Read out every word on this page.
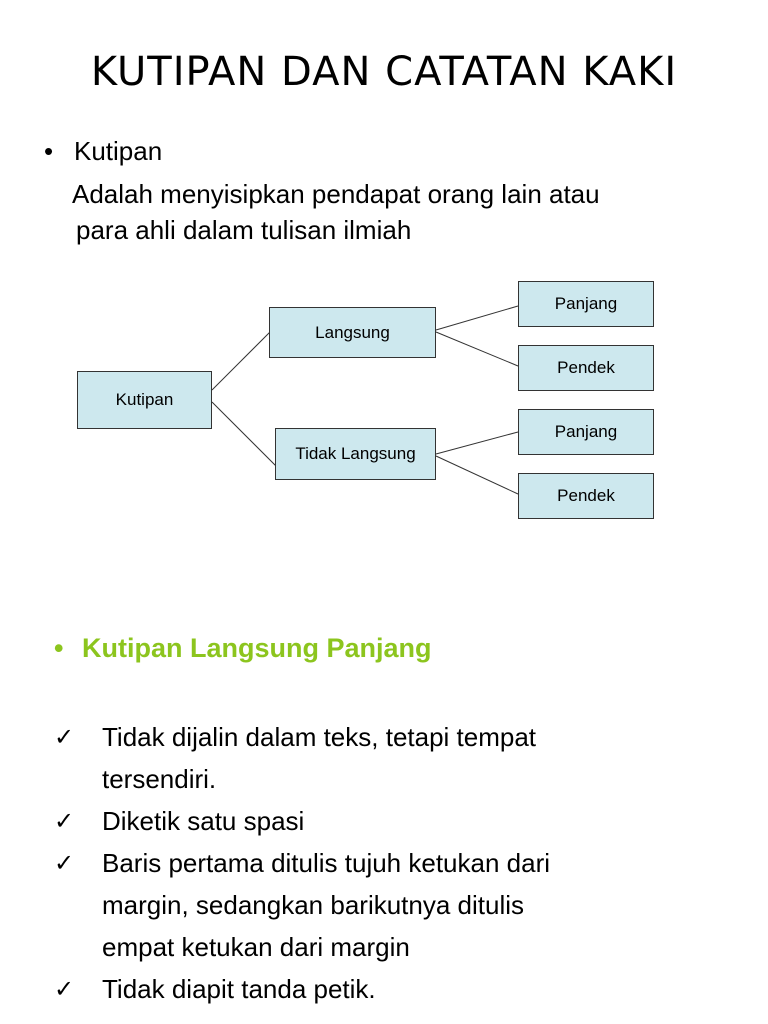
KUTIPAN DAN CATATAN KAKI
• Kutipan
Adalah menyisipkan pendapat orang lain atau
para ahli dalam tulisan ilmiah
Kutipan
Langsung
Tidak Langsung
Panjang
Pendek
Panjang
Pendek
• Kutipan Langsung Panjang
✓	Tidak dijalin dalam teks, tetapi tempat
tersendiri.
✓	Diketik satu spasi
✓	Baris pertama ditulis tujuh ketukan dari
margin, sedangkan barikutnya ditulis
empat ketukan dari margin
✓	Tidak diapit tanda petik.
